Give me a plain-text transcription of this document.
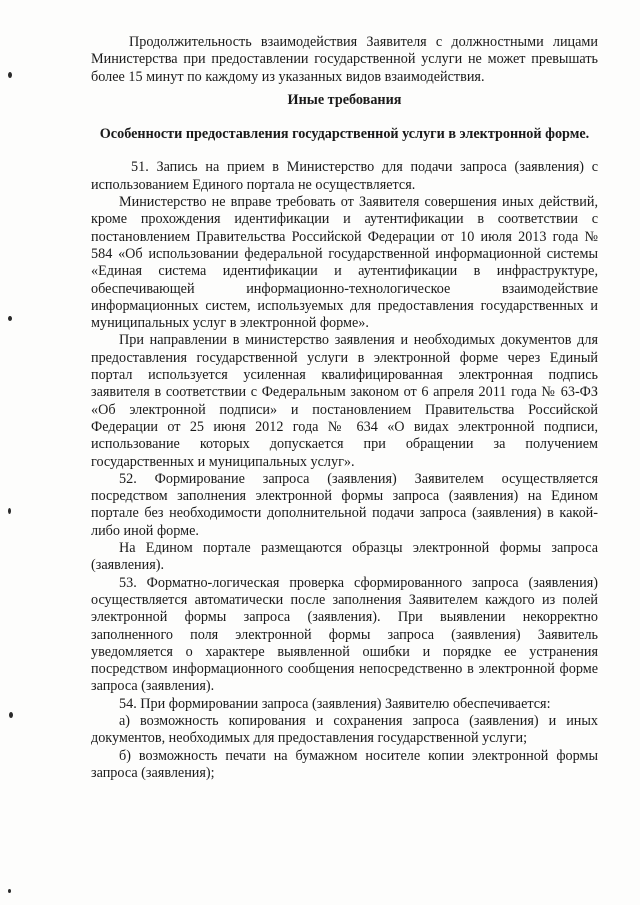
Продолжительность взаимодействия Заявителя с должностными лицами Министерства при предоставлении государственной услуги не может превышать более 15 минут по каждому из указанных видов взаимодействия.

Иные требования

Особенности предоставления государственной услуги в электронной форме.

51. Запись на прием в Министерство для подачи запроса (заявления) с использованием Единого портала не осуществляется.

Министерство не вправе требовать от Заявителя совершения иных действий, кроме прохождения идентификации и аутентификации в соответствии с постановлением Правительства Российской Федерации от 10 июля 2013 года № 584 «Об использовании федеральной государственной информационной системы «Единая система идентификации и аутентификации в инфраструктуре, обеспечивающей информационно-технологическое взаимодействие информационных систем, используемых для предоставления государственных и муниципальных услуг в электронной форме».

При направлении в министерство заявления и необходимых документов для предоставления государственной услуги в электронной форме через Единый портал используется усиленная квалифицированная электронная подпись заявителя в соответствии с Федеральным законом от 6 апреля 2011 года № 63-ФЗ «Об электронной подписи» и постановлением Правительства Российской Федерации от 25 июня 2012 года № 634 «О видах электронной подписи, использование которых допускается при обращении за получением государственных и муниципальных услуг».

52. Формирование запроса (заявления) Заявителем осуществляется посредством заполнения электронной формы запроса (заявления) на Едином портале без необходимости дополнительной подачи запроса (заявления) в какой-либо иной форме.

На Едином портале размещаются образцы электронной формы запроса (заявления).

53. Форматно-логическая проверка сформированного запроса (заявления) осуществляется автоматически после заполнения Заявителем каждого из полей электронной формы запроса (заявления). При выявлении некорректно заполненного поля электронной формы запроса (заявления) Заявитель уведомляется о характере выявленной ошибки и порядке ее устранения посредством информационного сообщения непосредственно в электронной форме запроса (заявления).

54. При формировании запроса (заявления) Заявителю обеспечивается:

а) возможность копирования и сохранения запроса (заявления) и иных документов, необходимых для предоставления государственной услуги;

б) возможность печати на бумажном носителе копии электронной формы запроса (заявления);
